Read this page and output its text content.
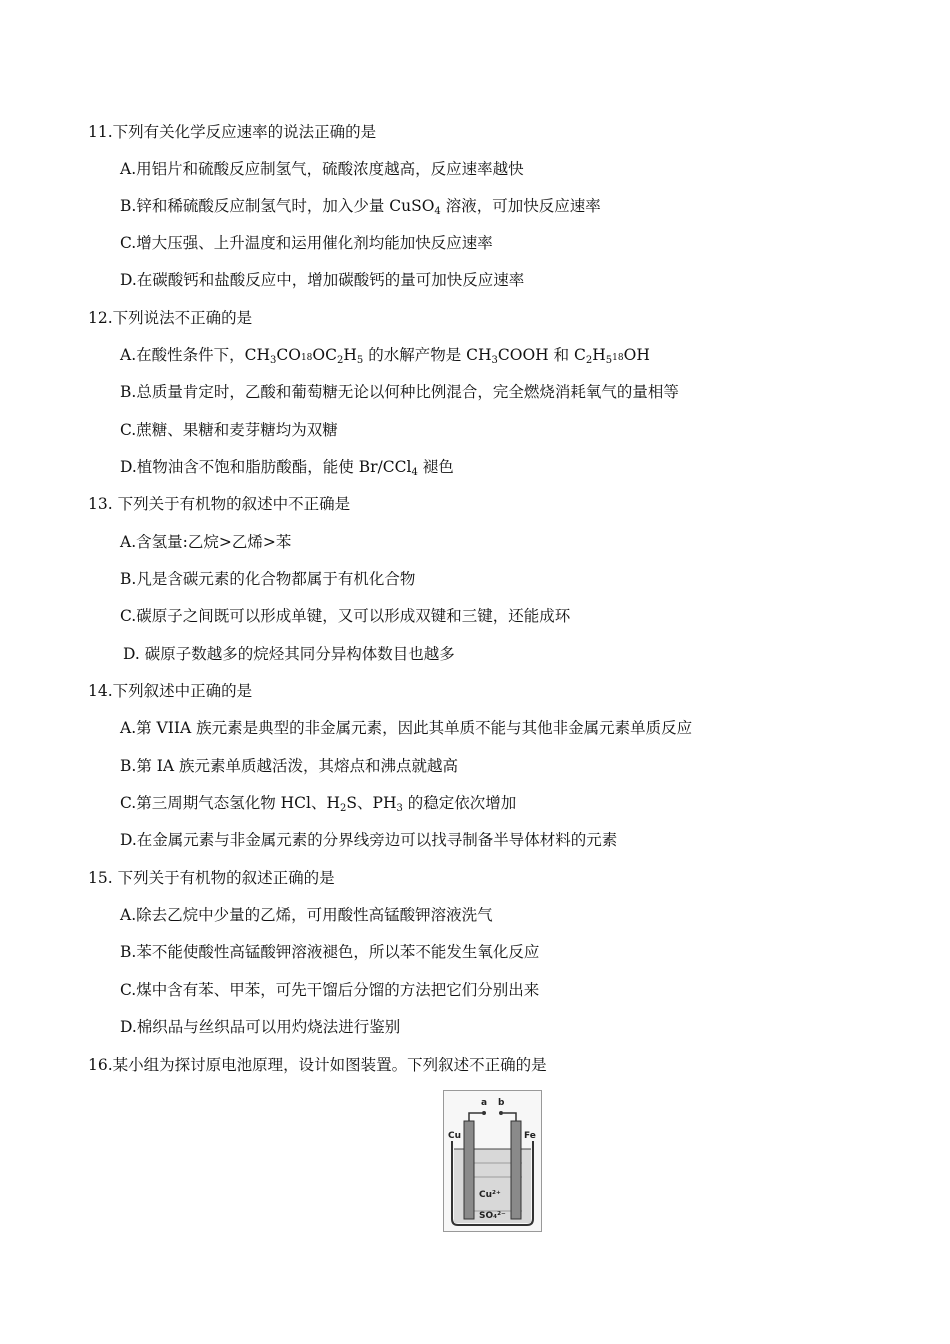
11.下列有关化学反应速率的说法正确的是
A.用铝片和硫酸反应制氢气，硫酸浓度越高，反应速率越快
B.锌和稀硫酸反应制氢气时，加入少量 CuSO$_4$ 溶液，可加快反应速率
C.增大压强、上升温度和运用催化剂均能加快反应速率
D.在碳酸钙和盐酸反应中，增加碳酸钙的量可加快反应速率
12.下列说法不正确的是
A.在酸性条件下，$CH_3CO18OC_2H_5$ 的水解产物是 $CH_3COOH$ 和 $C_2H_518OH$
B.总质量肯定时，乙酸和葡萄糖无论以何种比例混合，完全燃烧消耗氧气的量相等
C.蔗糖、果糖和麦芽糖均为双糖
D.植物油含不饱和脂肪酸酯，能使 Br/CCl$_4$ 褪色
13. 下列关于有机物的叙述中不正确是
A.含氢量:乙烷>乙烯>苯
B.凡是含碳元素的化合物都属于有机化合物
C.碳原子之间既可以形成单键，又可以形成双键和三键，还能成环
D. 碳原子数越多的烷烃其同分异构体数目也越多
14.下列叙述中正确的是
A.第 VIIA 族元素是典型的非金属元素，因此其单质不能与其他非金属元素单质反应
B.第 IA 族元素单质越活泼，其熔点和沸点就越高
C.第三周期气态氢化物 HCl、$H_2S$、$PH_3$ 的稳定依次增加
D.在金属元素与非金属元素的分界线旁边可以找寻制备半导体材料的元素
15. 下列关于有机物的叙述正确的是
A.除去乙烷中少量的乙烯，可用酸性高锰酸钾溶液洗气
B.苯不能使酸性高锰酸钾溶液褪色，所以苯不能发生氧化反应
C.煤中含有苯、甲苯，可先干馏后分馏的方法把它们分别出来
D.棉织品与丝织品可以用灼烧法进行鉴别
16.某小组为探讨原电池原理，设计如图装置。下列叙述不正确的是
a b
Cu	Fe
Cu²⁺
SO₄²⁻
